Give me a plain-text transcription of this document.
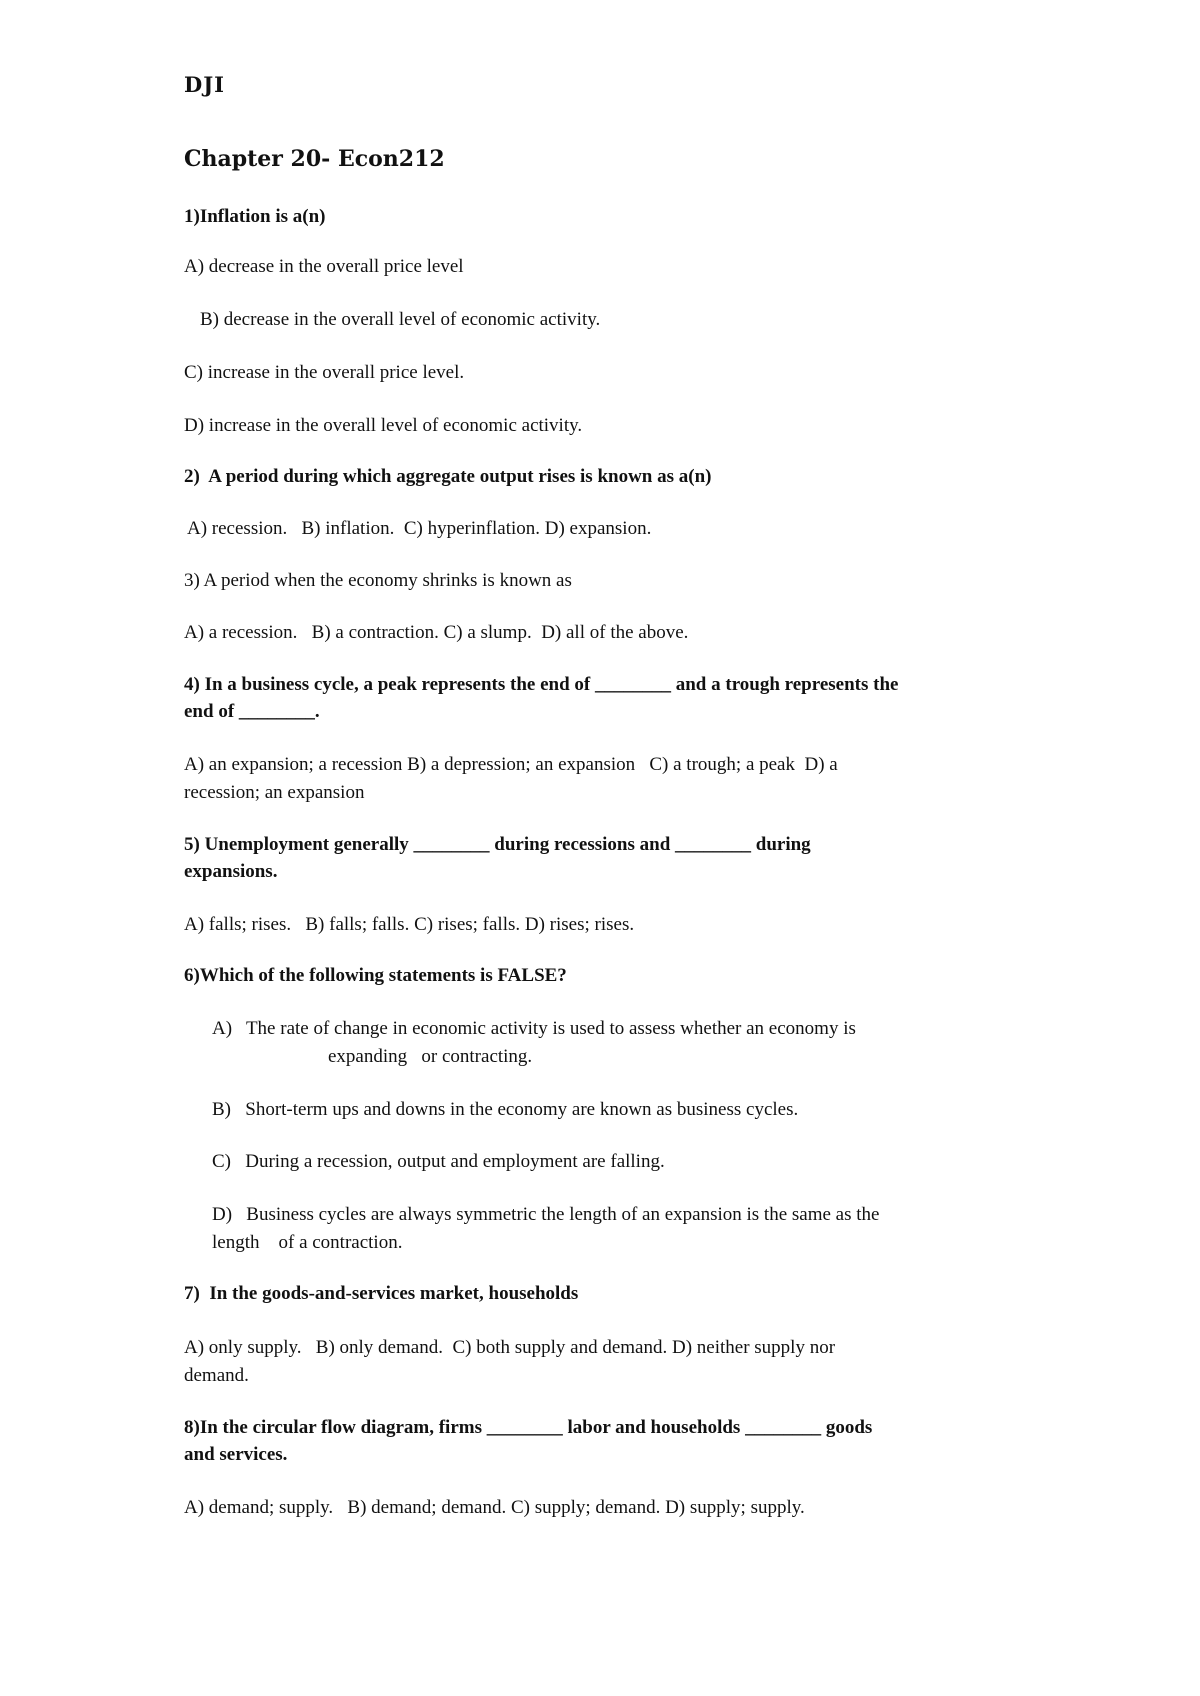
DJI
Chapter 20- Econ212
1)Inflation is a(n)
A) decrease in the overall price level
B) decrease in the overall level of economic activity.
C) increase in the overall price level.
D) increase in the overall level of economic activity.
2)  A period during which aggregate output rises is known as a(n)
A) recession.   B) inflation.  C) hyperinflation. D) expansion.
3) A period when the economy shrinks is known as
A) a recession.   B) a contraction. C) a slump.  D) all of the above.
4) In a business cycle, a peak represents the end of ________ and a trough represents the
end of ________.
A) an expansion; a recession B) a depression; an expansion   C) a trough; a peak  D) a
recession; an expansion
5) Unemployment generally ________ during recessions and ________ during
expansions.
A) falls; rises.   B) falls; falls. C) rises; falls. D) rises; rises.
6)Which of the following statements is FALSE?
A)   The rate of change in economic activity is used to assess whether an economy is
expanding   or contracting.
B)   Short-term ups and downs in the economy are known as business cycles.
C)   During a recession, output and employment are falling.
D)   Business cycles are always symmetric the length of an expansion is the same as the
length    of a contraction.
7)  In the goods-and-services market, households
A) only supply.   B) only demand.  C) both supply and demand. D) neither supply nor
demand.
8)In the circular flow diagram, firms ________ labor and households ________ goods
and services.
A) demand; supply.   B) demand; demand. C) supply; demand. D) supply; supply.
